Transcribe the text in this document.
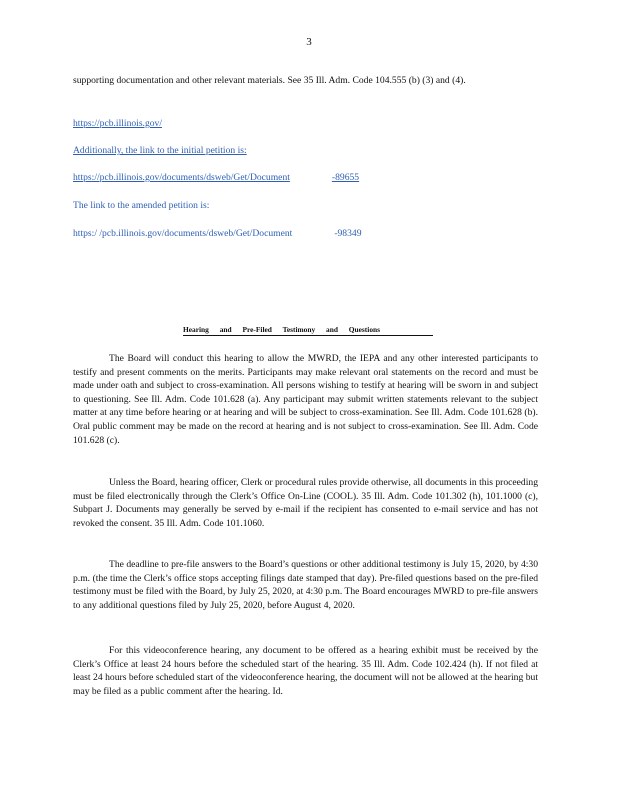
3
supporting documentation and other relevant materials. See 35 Ill. Adm. Code 104.555 (b) (3) and (4).
https://pcb.illinois.gov/
Additionally, the link to the initial petition is:
https://pcb.illinois.gov/documents/dsweb/Get/Document	-89655
The link to the amended petition is:
https:/ /pcb.illinois.gov/documents/dsweb/Get/Document	-98349
Hearing and Pre-Filed Testimony and Questions
The Board will conduct this hearing to allow the MWRD, the IEPA and any other interested participants to testify and present comments on the merits. Participants may make relevant oral statements on the record and must be made under oath and subject to cross-examination. All persons wishing to testify at hearing will be sworn in and subject to questioning. See Ill. Adm. Code 101.628 (a). Any participant may submit written statements relevant to the subject matter at any time before hearing or at hearing and will be subject to cross-examination. See Ill. Adm. Code 101.628 (b). Oral public comment may be made on the record at hearing and is not subject to cross-examination. See Ill. Adm. Code 101.628 (c).
Unless the Board, hearing officer, Clerk or procedural rules provide otherwise, all documents in this proceeding must be filed electronically through the Clerk’s Office On-Line (COOL). 35 Ill. Adm. Code 101.302 (h), 101.1000 (c), Subpart J. Documents may generally be served by e-mail if the recipient has consented to e-mail service and has not revoked the consent. 35 Ill. Adm. Code 101.1060.
The deadline to pre-file answers to the Board’s questions or other additional testimony is July 15, 2020, by 4:30 p.m. (the time the Clerk’s office stops accepting filings date stamped that day). Pre-filed questions based on the pre-filed testimony must be filed with the Board, by July 25, 2020, at 4:30 p.m. The Board encourages MWRD to pre-file answers to any additional questions filed by July 25, 2020, before August 4, 2020.
For this videoconference hearing, any document to be offered as a hearing exhibit must be received by the Clerk’s Office at least 24 hours before the scheduled start of the hearing. 35 Ill. Adm. Code 102.424 (h). If not filed at least 24 hours before scheduled start of the videoconference hearing, the document will not be allowed at the hearing but may be filed as a public comment after the hearing. Id.
